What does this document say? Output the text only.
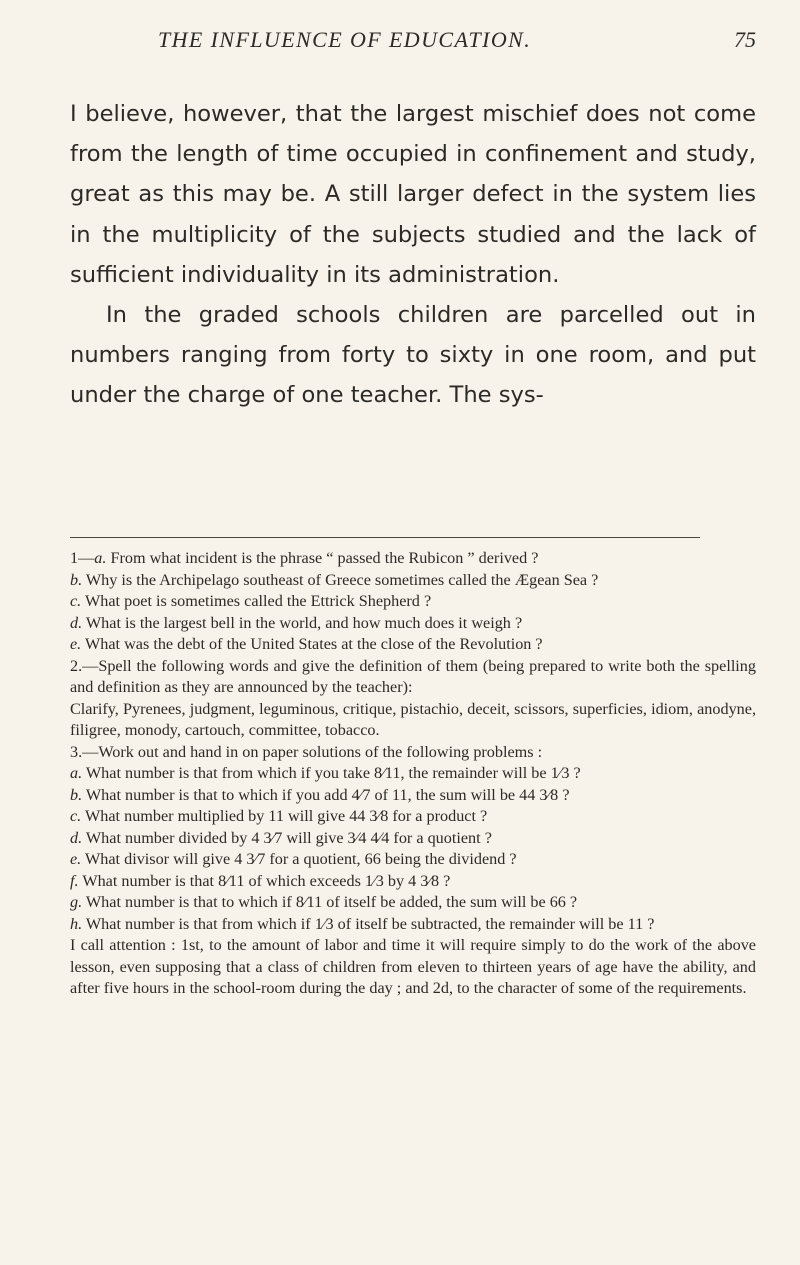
THE INFLUENCE OF EDUCATION.	75

I believe, however, that the largest mischief does not come from the length of time occupied in confinement and study, great as this may be. A still larger defect in the system lies in the multiplicity of the subjects studied and the lack of sufficient individuality in its administration.

In the graded schools children are parcelled out in numbers ranging from forty to sixty in one room, and put under the charge of one teacher. The sys-

1—a. From what incident is the phrase “ passed the Rubicon ” derived ?

b. Why is the Archipelago southeast of Greece sometimes called the Ægean Sea ?

c. What poet is sometimes called the Ettrick Shepherd ?

d. What is the largest bell in the world, and how much does it weigh ?

e. What was the debt of the United States at the close of the Revolution ?

2.—Spell the following words and give the definition of them (being prepared to write both the spelling and definition as they are announced by the teacher):

Clarify, Pyrenees, judgment, leguminous, critique, pistachio, deceit, scissors, superficies, idiom, anodyne, filigree, monody, cartouch, committee, tobacco.

3.—Work out and hand in on paper solutions of the following problems :

a. What number is that from which if you take 8⁄11, the remainder will be 1⁄3 ?

b. What number is that to which if you add 4⁄7 of 11, the sum will be 44 3⁄8 ?

c. What number multiplied by 11 will give 44 3⁄8 for a product ?

d. What number divided by 4 3⁄7 will give 3⁄4 4⁄4 for a quotient ?

e. What divisor will give 4 3⁄7 for a quotient, 66 being the dividend ?

f. What number is that 8⁄11 of which exceeds 1⁄3 by 4 3⁄8 ?

g. What number is that to which if 8⁄11 of itself be added, the sum will be 66 ?

h. What number is that from which if 1⁄3 of itself be subtracted, the remainder will be 11 ?

I call attention : 1st, to the amount of labor and time it will require simply to do the work of the above lesson, even supposing that a class of children from eleven to thirteen years of age have the ability, and after five hours in the school-room during the day ; and 2d, to the character of some of the requirements.
